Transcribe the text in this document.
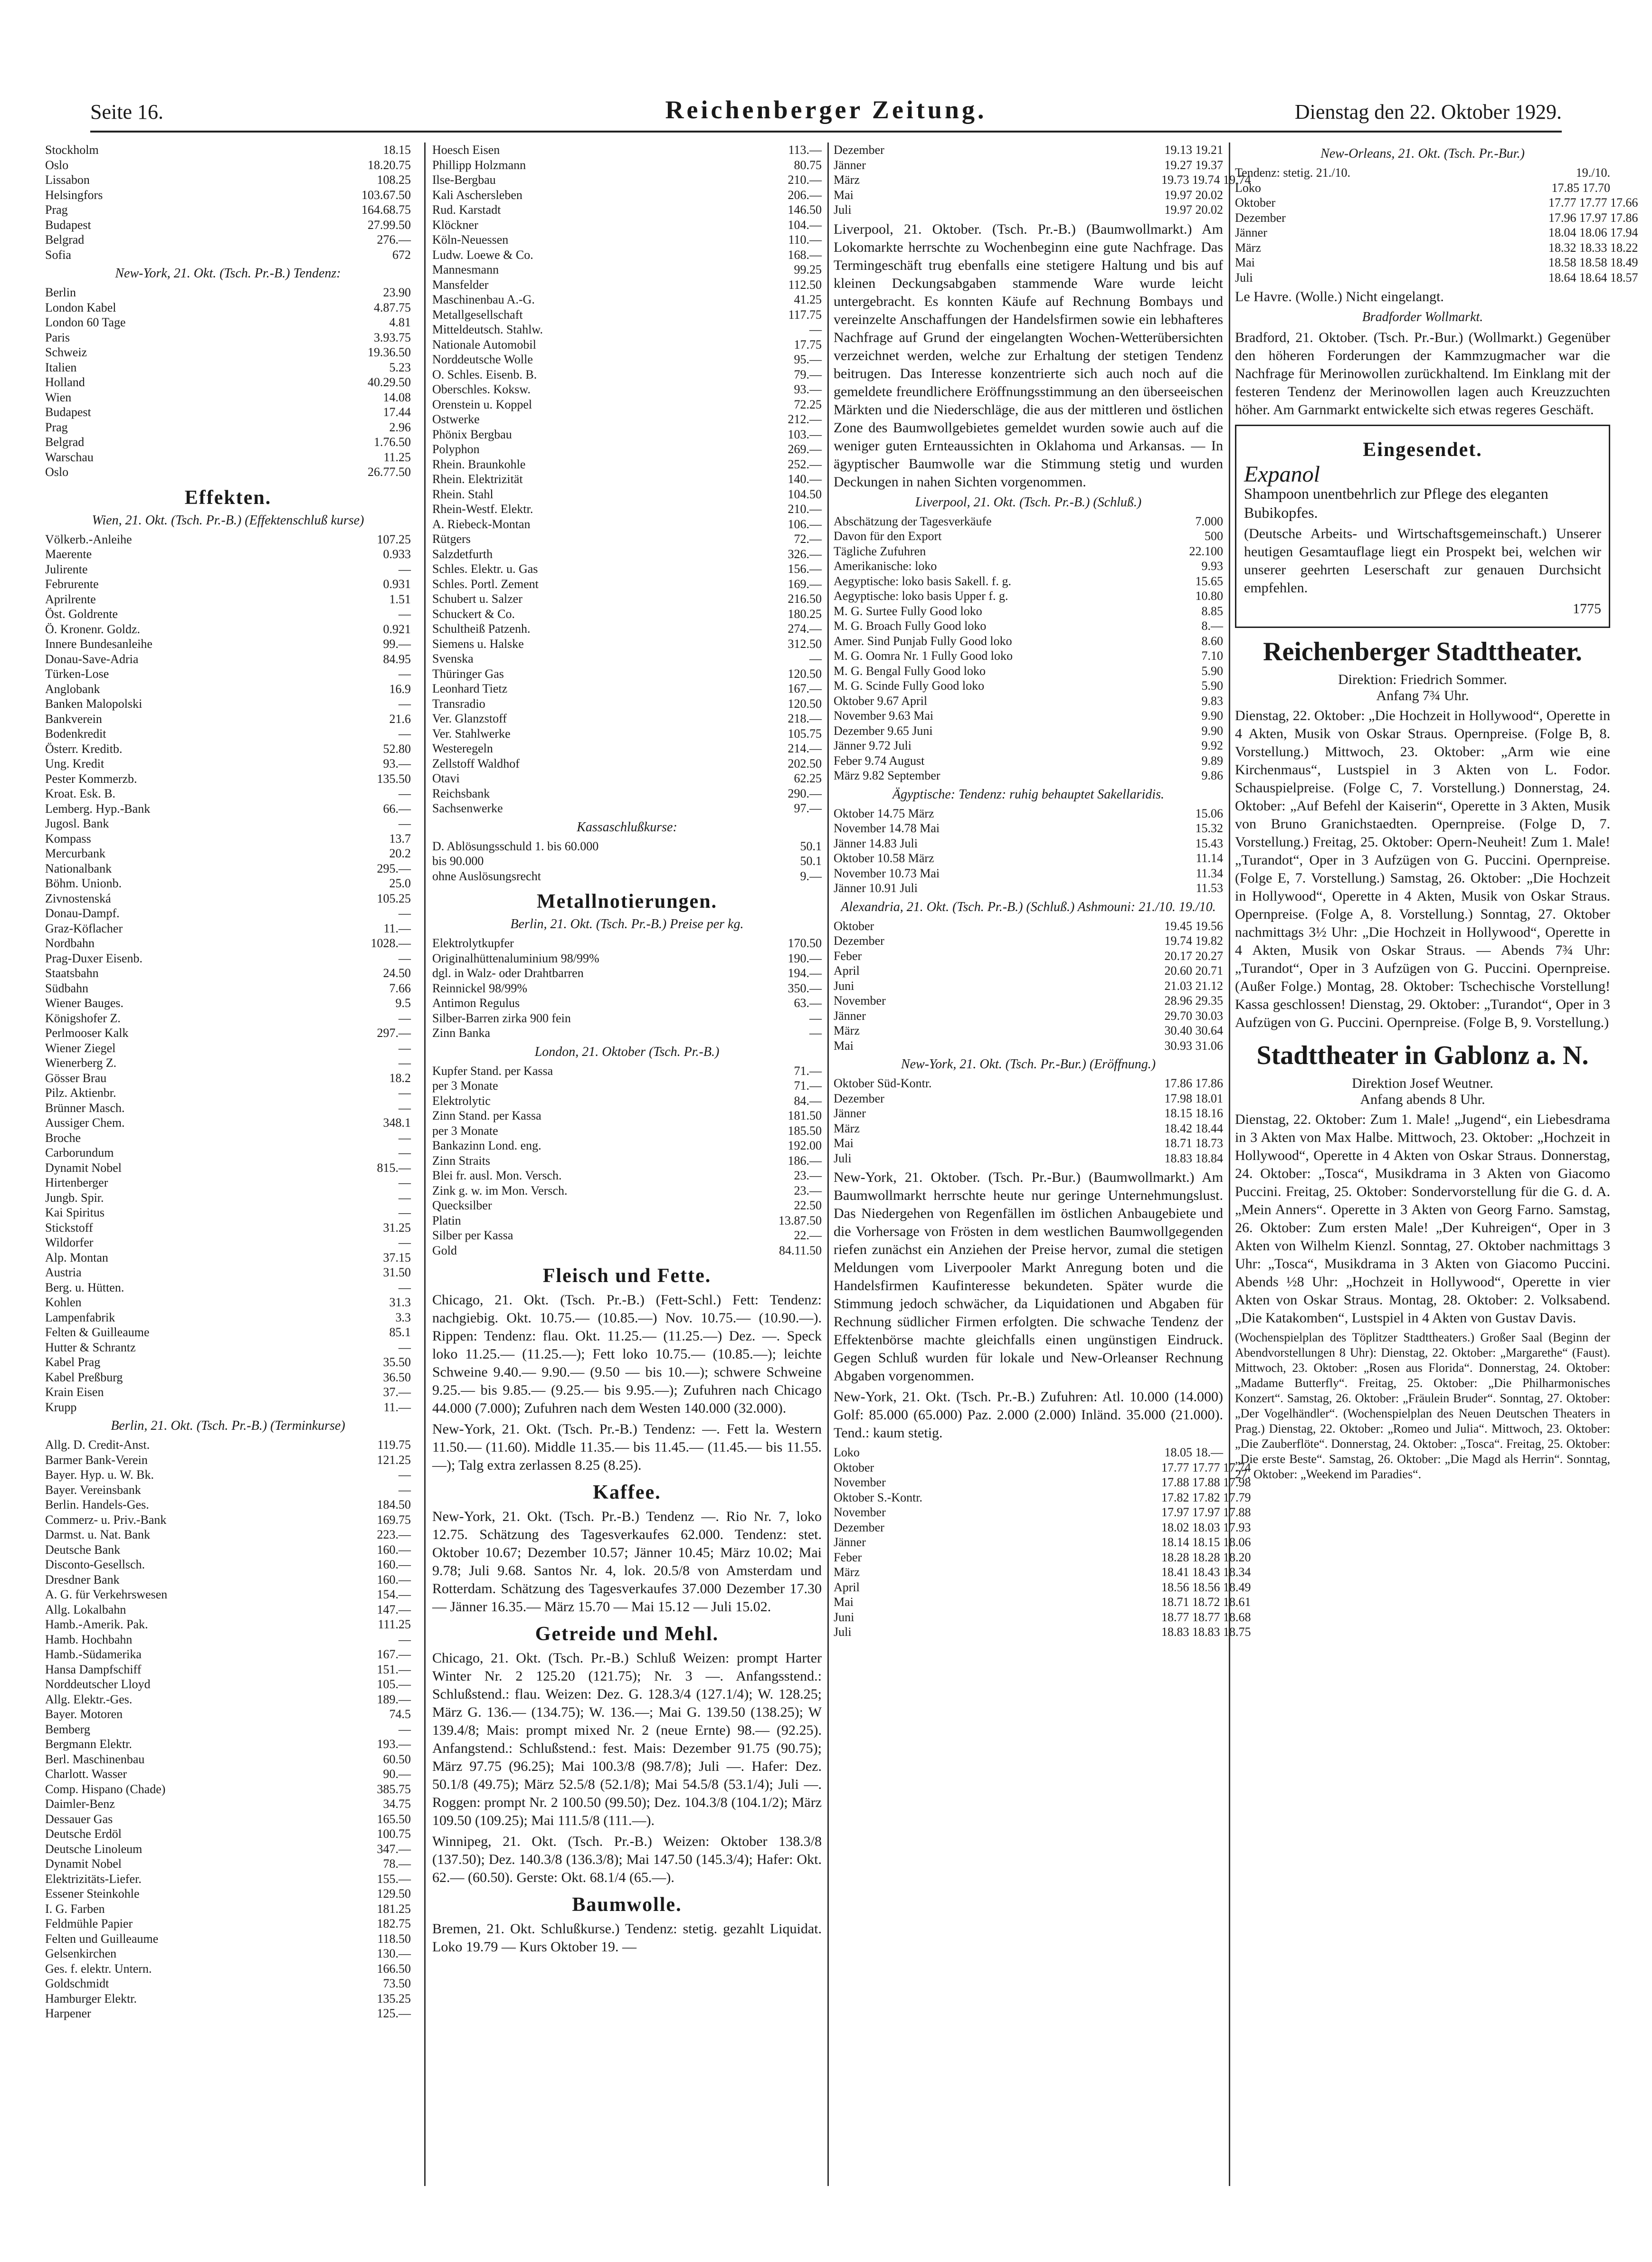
Seite 16.	Reichenberger Zeitung.	Dienstag den 22. Oktober 1929.
Stockholm	18.15
Oslo	18.20.75
Lissabon	108.25
Helsingfors	103.67.50
Prag	164.68.75
Budapest	27.99.50
Belgrad	276.—
Sofia	672
New-York, 21. Okt. (Tsch. Pr.-B.) Tendenz:
Berlin	23.90
London Kabel	4.87.75
London 60 Tage	4.81
Paris	3.93.75
Schweiz	19.36.50
Italien	5.23
Holland	40.29.50
Wien	14.08
Budapest	17.44
Prag	2.96
Belgrad	1.76.50
Warschau	11.25
Oslo	26.77.50
Effekten.
Wien, 21. Okt. (Tsch. Pr.-B.) (Effektenschluß kurse)
Völkerb.-Anleihe	107.25
Maerente	0.933
Julirente	—
Februrente	0.931
Aprilrente	1.51
Öst. Goldrente	—
Ö. Kronenr. Goldz.	0.921
Innere Bundesanleihe	99.—
Donau-Save-Adria	84.95
Türken-Lose	—
Anglobank	16.9
Banken Malopolski	—
Bankverein	21.6
Bodenkredit	—
Österr. Kreditb.	52.80
Ung. Kredit	93.—
Pester Kommerzb.	135.50
Kroat. Esk. B.	—
Lemberg. Hyp.-Bank	66.—
Jugosl. Bank	—
Kompass	13.7
Mercurbank	20.2
Nationalbank	295.—
Böhm. Unionb.	25.0
Zivnostenská	105.25
Donau-Dampf.	—
Graz-Köflacher	11.—
Nordbahn	1028.—
Prag-Duxer Eisenb.	—
Staatsbahn	24.50
Südbahn	7.66
Wiener Bauges.	9.5
Königshofer Z.	—
Perlmooser Kalk	297.—
Wiener Ziegel	—
Wienerberg Z.	—
Gösser Brau	18.2
Pilz. Aktienbr.	—
Brünner Masch.	—
Aussiger Chem.	348.1
Broche	—
Carborundum	—
Dynamit Nobel	815.—
Hirtenberger	—
Jungb. Spir.	—
Kai Spiritus	—
Stickstoff	31.25
Wildorfer	—
Alp. Montan	37.15
Austria	31.50
Berg. u. Hütten.	—
Kohlen	31.3
Lampenfabrik	3.3
Felten & Guilleaume	85.1
Hutter & Schrantz	—
Kabel Prag	35.50
Kabel Preßburg	36.50
Krain Eisen	37.—
Krupp	11.—
Berlin, 21. Okt. (Tsch. Pr.-B.) (Terminkurse)
Allg. D. Credit-Anst.	119.75
Barmer Bank-Verein	121.25
Bayer. Hyp. u. W. Bk.	—
Bayer. Vereinsbank	—
Berlin. Handels-Ges.	184.50
Commerz- u. Priv.-Bank	169.75
Darmst. u. Nat. Bank	223.—
Deutsche Bank	160.—
Disconto-Gesellsch.	160.—
Dresdner Bank	160.—
A. G. für Verkehrswesen	154.—
Allg. Lokalbahn	147.—
Hamb.-Amerik. Pak.	111.25
Hamb. Hochbahn	—
Hamb.-Südamerika	167.—
Hansa Dampfschiff	151.—
Norddeutscher Lloyd	105.—
Allg. Elektr.-Ges.	189.—
Bayer. Motoren	74.5
Bemberg	—
Bergmann Elektr.	193.—
Berl. Maschinenbau	60.50
Charlott. Wasser	90.—
Comp. Hispano (Chade)	385.75
Daimler-Benz	34.75
Dessauer Gas	165.50
Deutsche Erdöl	100.75
Deutsche Linoleum	347.—
Dynamit Nobel	78.—
Elektrizitäts-Liefer.	155.—
Essener Steinkohle	129.50
I. G. Farben	181.25
Feldmühle Papier	182.75
Felten und Guilleaume	118.50
Gelsenkirchen	130.—
Ges. f. elektr. Untern.	166.50
Goldschmidt	73.50
Hamburger Elektr.	135.25
Harpener	125.—
Hoesch Eisen	113.—
Phillipp Holzmann	80.75
Ilse-Bergbau	210.—
Kali Aschersleben	206.—
Rud. Karstadt	146.50
Klöckner	104.—
Köln-Neuessen	110.—
Ludw. Loewe & Co.	168.—
Mannesmann	99.25
Mansfelder	112.50
Maschinenbau A.-G.	41.25
Metallgesellschaft	117.75
Mitteldeutsch. Stahlw.	—
Nationale Automobil	17.75
Norddeutsche Wolle	95.—
O. Schles. Eisenb. B.	79.—
Oberschles. Koksw.	93.—
Orenstein u. Koppel	72.25
Ostwerke	212.—
Phönix Bergbau	103.—
Polyphon	269.—
Rhein. Braunkohle	252.—
Rhein. Elektrizität	140.—
Rhein. Stahl	104.50
Rhein-Westf. Elektr.	210.—
A. Riebeck-Montan	106.—
Rütgers	72.—
Salzdetfurth	326.—
Schles. Elektr. u. Gas	156.—
Schles. Portl. Zement	169.—
Schubert u. Salzer	216.50
Schuckert & Co.	180.25
Schultheiß Patzenh.	274.—
Siemens u. Halske	312.50
Svenska	—
Thüringer Gas	120.50
Leonhard Tietz	167.—
Transradio	120.50
Ver. Glanzstoff	218.—
Ver. Stahlwerke	105.75
Westeregeln	214.—
Zellstoff Waldhof	202.50
Otavi	62.25
Reichsbank	290.—
Sachsenwerke	97.—
Kassaschlußkurse:
D. Ablösungsschuld 1. bis 60.000	50.1
bis 90.000	50.1
ohne Auslösungsrecht	9.—
Metallnotierungen.
Berlin, 21. Okt. (Tsch. Pr.-B.) Preise per kg.
Elektrolytkupfer	170.50
Originalhüttenaluminium 98/99%	190.—
dgl. in Walz- oder Drahtbarren	194.—
Reinnickel 98/99%	350.—
Antimon Regulus	63.—
Silber-Barren zirka 900 fein	—
Zinn Banka	—
London, 21. Oktober (Tsch. Pr.-B.)
Kupfer Stand. per Kassa	71.—
per 3 Monate	71.—
Elektrolytic	84.—
Zinn Stand. per Kassa	181.50
per 3 Monate	185.50
Bankazinn Lond. eng.	192.00
Zinn Straits	186.—
Blei fr. ausl. Mon. Versch.	23.—
Zink g. w. im Mon. Versch.	23.—
Quecksilber	22.50
Platin	13.87.50
Silber per Kassa	22.—
Gold	84.11.50
Fleisch und Fette.
Chicago, 21. Okt. (Tsch. Pr.-B.) (Fett-Schl.) Fett: Tendenz: nachgiebig. Okt. 10.75.— (10.85.—) Nov. 10.75.— (10.90.—). Rippen: Tendenz: flau. Okt. 11.25.— (11.25.—) Dez. —. Speck loko 11.25.— (11.25.—); Fett loko 10.75.— (10.85.—); leichte Schweine 9.40.— 9.90.— (9.50 — bis 10.—); schwere Schweine 9.25.— bis 9.85.— (9.25.— bis 9.95.—); Zufuhren nach Chicago 44.000 (7.000); Zufuhren nach dem Westen 140.000 (32.000).
New-York, 21. Okt. (Tsch. Pr.-B.) Tendenz: —. Fett la. Western 11.50.— (11.60). Middle 11.35.— bis 11.45.— (11.45.— bis 11.55.—); Talg extra zerlassen 8.25 (8.25).
Kaffee.
New-York, 21. Okt. (Tsch. Pr.-B.) Tendenz —. Rio Nr. 7, loko 12.75. Schätzung des Tagesverkaufes 62.000. Tendenz: stet. Oktober 10.67; Dezember 10.57; Jänner 10.45; März 10.02; Mai 9.78; Juli 9.68. Santos Nr. 4, lok. 20.5/8 von Amsterdam und Rotterdam. Schätzung des Tagesverkaufes 37.000 Dezember 17.30 — Jänner 16.35.— März 15.70 — Mai 15.12 — Juli 15.02.
Getreide und Mehl.
Chicago, 21. Okt. (Tsch. Pr.-B.) Schluß Weizen: prompt Harter Winter Nr. 2 125.20 (121.75); Nr. 3 —. Anfangsstend.: Schlußstend.: flau. Weizen: Dez. G. 128.3/4 (127.1/4); W. 128.25; März G. 136.— (134.75); W. 136.—; Mai G. 139.50 (138.25); W 139.4/8; Mais: prompt mixed Nr. 2 (neue Ernte) 98.— (92.25). Anfangstend.: Schlußstend.: fest. Mais: Dezember 91.75 (90.75); März 97.75 (96.25); Mai 100.3/8 (98.7/8); Juli —. Hafer: Dez. 50.1/8 (49.75); März 52.5/8 (52.1/8); Mai 54.5/8 (53.1/4); Juli —. Roggen: prompt Nr. 2 100.50 (99.50); Dez. 104.3/8 (104.1/2); März 109.50 (109.25); Mai 111.5/8 (111.—).
Winnipeg, 21. Okt. (Tsch. Pr.-B.) Weizen: Oktober 138.3/8 (137.50); Dez. 140.3/8 (136.3/8); Mai 147.50 (145.3/4); Hafer: Okt. 62.— (60.50). Gerste: Okt. 68.1/4 (65.—).
Baumwolle.
Bremen, 21. Okt. Schlußkurse.) Tendenz: stetig. gezahlt Liquidat. Loko 19.79 — Kurs Oktober 19. —
Dezember	19.13 19.21
Jänner	19.27 19.37
März	19.73 19.74 19.74
Mai	19.97 20.02
Juli	19.97 20.02
Liverpool, 21. Oktober. (Tsch. Pr.-B.) (Baumwollmarkt.) Am Lokomarkte herrschte zu Wochenbeginn eine gute Nachfrage. Das Termingeschäft trug ebenfalls eine stetigere Haltung und bis auf kleinen Deckungsabgaben stammende Ware wurde leicht untergebracht. Es konnten Käufe auf Rechnung Bombays und vereinzelte Anschaffungen der Handelsfirmen sowie ein lebhafteres Nachfrage auf Grund der eingelangten Wochen-Wetterübersichten verzeichnet werden, welche zur Erhaltung der stetigen Tendenz beitrugen. Das Interesse konzentrierte sich auch noch auf die gemeldete freundlichere Eröffnungsstimmung an den überseeischen Märkten und die Niederschläge, die aus der mittleren und östlichen Zone des Baumwollgebietes gemeldet wurden sowie auch auf die weniger guten Ernteaussichten in Oklahoma und Arkansas. — In ägyptischer Baumwolle war die Stimmung stetig und wurden Deckungen in nahen Sichten vorgenommen.
Liverpool, 21. Okt. (Tsch. Pr.-B.) (Schluß.)
Abschätzung der Tagesverkäufe	7.000
Davon für den Export	500
Tägliche Zufuhren	22.100
Amerikanische: loko	9.93
Aegyptische: loko basis Sakell. f. g.	15.65
Aegyptische: loko basis Upper f. g.	10.80
M. G. Surtee Fully Good loko	8.85
M. G. Broach Fully Good loko	8.—
Amer. Sind Punjab Fully Good loko	8.60
M. G. Oomra Nr. 1 Fully Good loko	7.10
M. G. Bengal Fully Good loko	5.90
M. G. Scinde Fully Good loko	5.90
Oktober 9.67 April	9.83
November 9.63 Mai	9.90
Dezember 9.65 Juni	9.90
Jänner 9.72 Juli	9.92
Feber 9.74 August	9.89
März 9.82 September	9.86
Ägyptische: Tendenz: ruhig behauptet Sakellaridis.
Oktober 14.75 März	15.06
November 14.78 Mai	15.32
Jänner 14.83 Juli	15.43
Oktober 10.58 März	11.14
November 10.73 Mai	11.34
Jänner 10.91 Juli	11.53
Alexandria, 21. Okt. (Tsch. Pr.-B.) (Schluß.) Ashmouni: 21./10. 19./10.
Oktober	19.45 19.56
Dezember	19.74 19.82
Feber	20.17 20.27
April	20.60 20.71
Juni	21.03 21.12
November	28.96 29.35
Jänner	29.70 30.03
März	30.40 30.64
Mai	30.93 31.06
New-York, 21. Okt. (Tsch. Pr.-Bur.) (Eröffnung.)
Oktober Süd-Kontr.	17.86 17.86
Dezember	17.98 18.01
Jänner	18.15 18.16
März	18.42 18.44
Mai	18.71 18.73
Juli	18.83 18.84
New-York, 21. Oktober. (Tsch. Pr.-Bur.) (Baumwollmarkt.) Am Baumwollmarkt herrschte heute nur geringe Unternehmungslust. Das Niedergehen von Regenfällen im östlichen Anbaugebiete und die Vorhersage von Frösten in dem westlichen Baumwollgegenden riefen zunächst ein Anziehen der Preise hervor, zumal die stetigen Meldungen vom Liverpooler Markt Anregung boten und die Handelsfirmen Kaufinteresse bekundeten. Später wurde die Stimmung jedoch schwächer, da Liquidationen und Abgaben für Rechnung südlicher Firmen erfolgten. Die schwache Tendenz der Effektenbörse machte gleichfalls einen ungünstigen Eindruck. Gegen Schluß wurden für lokale und New-Orleanser Rechnung Abgaben vorgenommen.
New-York, 21. Okt. (Tsch. Pr.-B.) Zufuhren: Atl. 10.000 (14.000) Golf: 85.000 (65.000) Paz. 2.000 (2.000) Inländ. 35.000 (21.000). Tend.: kaum stetig.
Loko	18.05 18.—
Oktober	17.77 17.77 17.74
November	17.88 17.88 17.98
Oktober S.-Kontr.	17.82 17.82 17.79
November	17.97 17.97 17.88
Dezember	18.02 18.03 17.93
Jänner	18.14 18.15 18.06
Feber	18.28 18.28 18.20
März	18.41 18.43 18.34
April	18.56 18.56 18.49
Mai	18.71 18.72 18.61
Juni	18.77 18.77 18.68
Juli	18.83 18.83 18.75
New-Orleans, 21. Okt. (Tsch. Pr.-Bur.)
Tendenz: stetig. 21./10.	19./10.
Loko	17.85 17.70
Oktober	17.77 17.77 17.66
Dezember	17.96 17.97 17.86
Jänner	18.04 18.06 17.94
März	18.32 18.33 18.22
Mai	18.58 18.58 18.49
Juli	18.64 18.64 18.57
Le Havre. (Wolle.) Nicht eingelangt.
Bradforder Wollmarkt.
Bradford, 21. Oktober. (Tsch. Pr.-Bur.) (Wollmarkt.) Gegenüber den höheren Forderungen der Kammzugmacher war die Nachfrage für Merinowollen zurückhaltend. Im Einklang mit der festeren Tendenz der Merinowollen lagen auch Kreuzzuchten höher. Am Garnmarkt entwickelte sich etwas regeres Geschäft.
Eingesendet.
Expanol
Shampoon unentbehrlich zur Pflege des eleganten Bubikopfes.
(Deutsche Arbeits- und Wirtschaftsgemeinschaft.) Unserer heutigen Gesamtauflage liegt ein Prospekt bei, welchen wir unserer geehrten Leserschaft zur genauen Durchsicht empfehlen.
1775
Reichenberger Stadttheater.
Direktion: Friedrich Sommer.
Anfang 7¾ Uhr.
Dienstag, 22. Oktober: „Die Hochzeit in Hollywood“, Operette in 4 Akten, Musik von Oskar Straus. Opernpreise. (Folge B, 8. Vorstellung.) Mittwoch, 23. Oktober: „Arm wie eine Kirchenmaus“, Lustspiel in 3 Akten von L. Fodor. Schauspielpreise. (Folge C, 7. Vorstellung.) Donnerstag, 24. Oktober: „Auf Befehl der Kaiserin“, Operette in 3 Akten, Musik von Bruno Granichstaedten. Opernpreise. (Folge D, 7. Vorstellung.) Freitag, 25. Oktober: Opern-Neuheit! Zum 1. Male! „Turandot“, Oper in 3 Aufzügen von G. Puccini. Opernpreise. (Folge E, 7. Vorstellung.) Samstag, 26. Oktober: „Die Hochzeit in Hollywood“, Operette in 4 Akten, Musik von Oskar Straus. Opernpreise. (Folge A, 8. Vorstellung.) Sonntag, 27. Oktober nachmittags 3½ Uhr: „Die Hochzeit in Hollywood“, Operette in 4 Akten, Musik von Oskar Straus. — Abends 7¾ Uhr: „Turandot“, Oper in 3 Aufzügen von G. Puccini. Opernpreise. (Außer Folge.) Montag, 28. Oktober: Tschechische Vorstellung! Kassa geschlossen! Dienstag, 29. Oktober: „Turandot“, Oper in 3 Aufzügen von G. Puccini. Opernpreise. (Folge B, 9. Vorstellung.)
Stadttheater in Gablonz a. N.
Direktion Josef Weutner.
Anfang abends 8 Uhr.
Dienstag, 22. Oktober: Zum 1. Male! „Jugend“, ein Liebesdrama in 3 Akten von Max Halbe. Mittwoch, 23. Oktober: „Hochzeit in Hollywood“, Operette in 4 Akten von Oskar Straus. Donnerstag, 24. Oktober: „Tosca“, Musikdrama in 3 Akten von Giacomo Puccini. Freitag, 25. Oktober: Sondervorstellung für die G. d. A. „Mein Anners“. Operette in 3 Akten von Georg Farno. Samstag, 26. Oktober: Zum ersten Male! „Der Kuhreigen“, Oper in 3 Akten von Wilhelm Kienzl. Sonntag, 27. Oktober nachmittags 3 Uhr: „Tosca“, Musikdrama in 3 Akten von Giacomo Puccini. Abends ½8 Uhr: „Hochzeit in Hollywood“, Operette in vier Akten von Oskar Straus. Montag, 28. Oktober: 2. Volksabend. „Die Katakomben“, Lustspiel in 4 Akten von Gustav Davis.
(Wochenspielplan des Töplitzer Stadttheaters.) Großer Saal (Beginn der Abendvorstellungen 8 Uhr): Dienstag, 22. Oktober: „Margarethe“ (Faust). Mittwoch, 23. Oktober: „Rosen aus Florida“. Donnerstag, 24. Oktober: „Madame Butterfly“. Freitag, 25. Oktober: „Die Philharmonisches Konzert“. Samstag, 26. Oktober: „Fräulein Bruder“. Sonntag, 27. Oktober: „Der Vogelhändler“. (Wochenspielplan des Neuen Deutschen Theaters in Prag.) Dienstag, 22. Oktober: „Romeo und Julia“. Mittwoch, 23. Oktober: „Die Zauberflöte“. Donnerstag, 24. Oktober: „Tosca“. Freitag, 25. Oktober: „Die erste Beste“. Samstag, 26. Oktober: „Die Magd als Herrin“. Sonntag, 27. Oktober: „Weekend im Paradies“.
